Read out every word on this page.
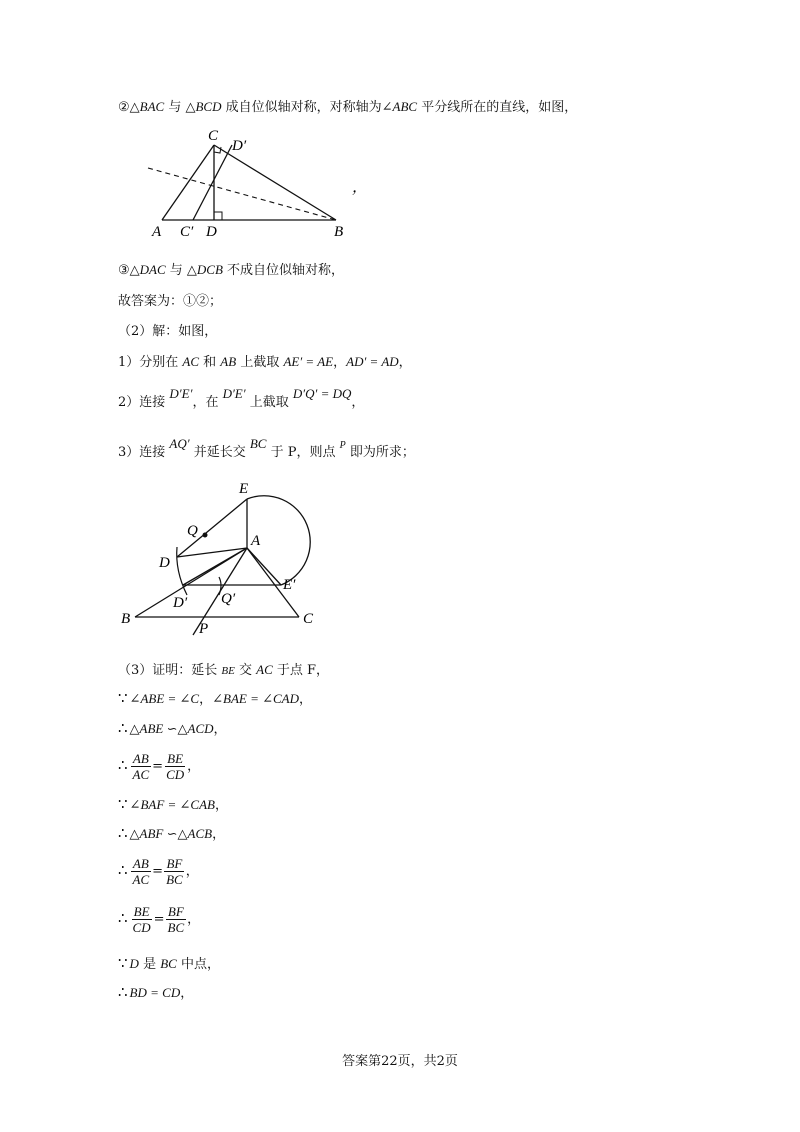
②△BAC 与 △BCD 成自位似轴对称，对称轴为∠ABC 平分线所在的直线，如图，
C
D′
A C′ D	B
，
③△DAC 与 △DCB 不成自位似轴对称，
故答案为：①②；
（2）解：如图，
1）分别在 AC 和 AB 上截取 AE′ = AE，AD′ = AD，
2）连接 D′E′，在 D′E′ 上截取 D′Q′ = DQ，
3）连接 AQ′ 并延长交 BC 于 P，则点 $^P$ 即为所求；
E
Q
A
D
D′ Q′
E′
B	C
P
（3）证明：延长 BE 交 AC 于点 F，
∵ ∠ABE = ∠C，∠BAE = ∠CAD，
∴ △ABE ∽△ACD，
∴ $\frac{AB}{AC} = \frac{BE}{CD}$ ，
∵ ∠BAF = ∠CAB，
∴ △ABF ∽△ACB，
∴ $\frac{AB}{AC} = \frac{BF}{BC}$ ，
∴ $\frac{BE}{CD} = \frac{BF}{BC}$ ，
∵ D 是 BC 中点，
∴ BD = CD，
答案第22页，共2页
